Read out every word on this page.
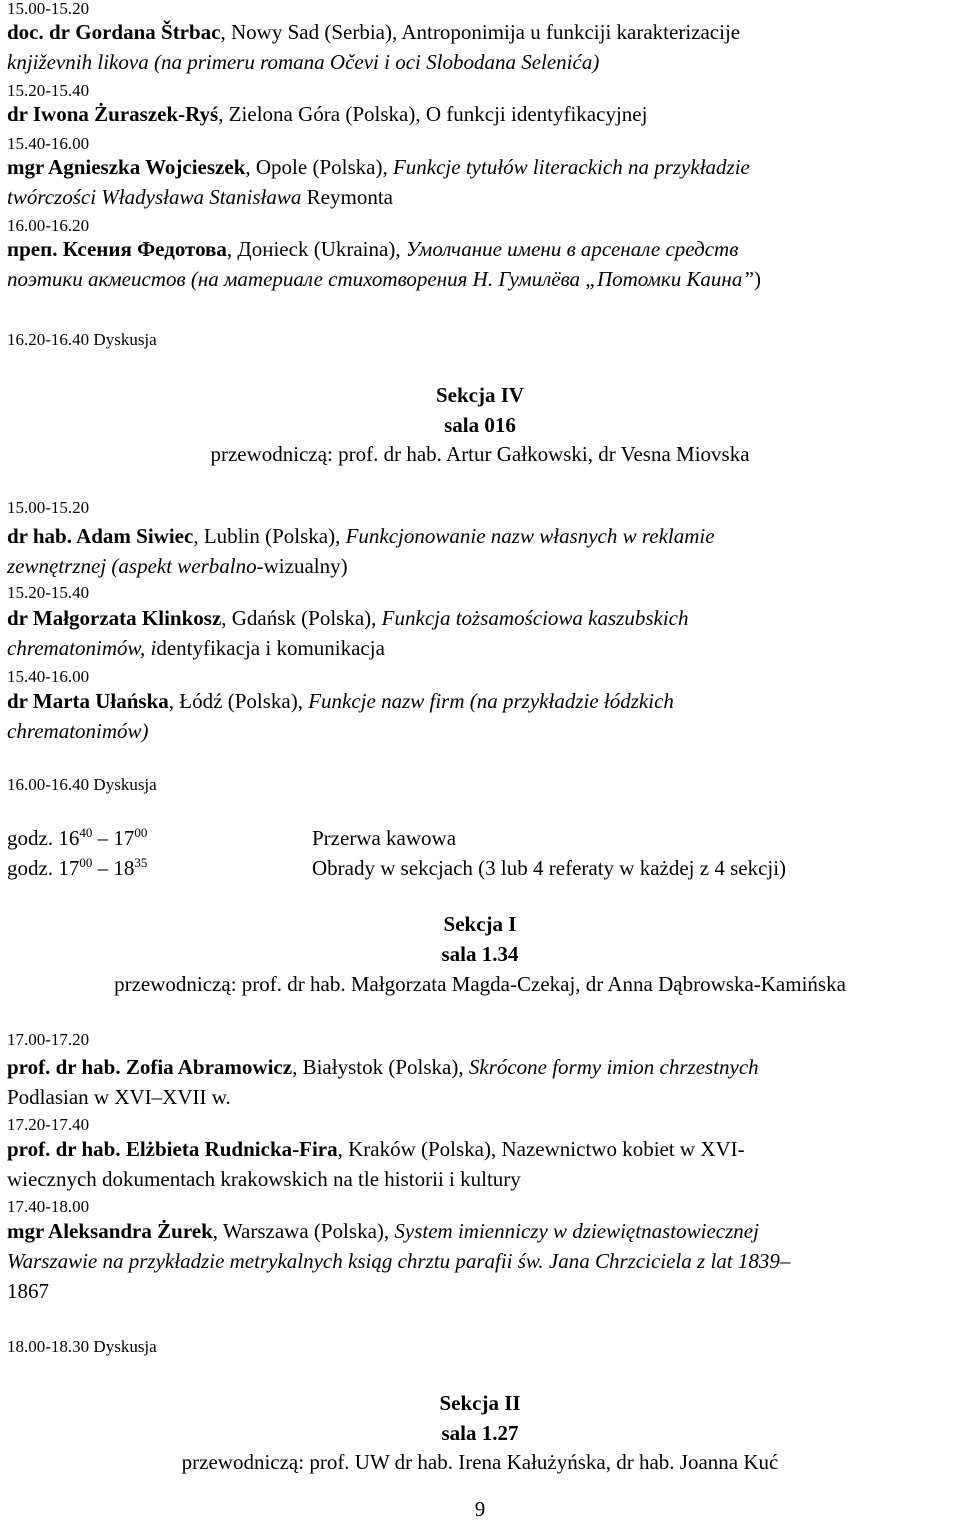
15.00-15.20
doc. dr Gordana Štrbac, Nowy Sad (Serbia), Antroponimija u funkciji karakterizacije
književnih likova (na primeru romana Očevi i oci Slobodana Selenića)
15.20-15.40
dr Iwona Żuraszek-Ryś, Zielona Góra (Polska), O funkcji identyfikacyjnej
15.40-16.00
mgr Agnieszka Wojcieszek, Opole (Polska), Funkcje tytułów literackich na przykładzie
twórczości Władysława Stanisława Reymonta
16.00-16.20
преп. Ксения Федотова, Донieck (Ukraina), Умолчание имени в арсенале средств
поэтики акмеистов (на материале стихотворения Н. Гумилёва „Потомки Каина”)
16.20-16.40 Dyskusja
Sekcja IV
sala 016
przewodniczą: prof. dr hab. Artur Gałkowski, dr Vesna Miovska
15.00-15.20
dr hab. Adam Siwiec, Lublin (Polska), Funkcjonowanie nazw własnych w reklamie
zewnętrznej (aspekt werbalno-wizualny)
15.20-15.40
dr Małgorzata Klinkosz, Gdańsk (Polska), Funkcja tożsamościowa kaszubskich
chrematonimów, identyfikacja i komunikacja
15.40-16.00
dr Marta Ułańska, Łódź (Polska), Funkcje nazw firm (na przykładzie łódzkich
chrematonimów)
16.00-16.40 Dyskusja
godz. $16^{40} - 17^{00}$	Przerwa kawowa
godz. $17^{00} - 18^{35}$	Obrady w sekcjach (3 lub 4 referaty w każdej z 4 sekcji)
Sekcja I
sala 1.34
przewodniczą: prof. dr hab. Małgorzata Magda-Czekaj, dr Anna Dąbrowska-Kamińska
17.00-17.20
prof. dr hab. Zofia Abramowicz, Białystok (Polska), Skrócone formy imion chrzestnych
Podlasian w XVI–XVII w.
17.20-17.40
prof. dr hab. Elżbieta Rudnicka-Fira, Kraków (Polska), Nazewnictwo kobiet w XVI-
wiecznych dokumentach krakowskich na tle historii i kultury
17.40-18.00
mgr Aleksandra Żurek, Warszawa (Polska), System imienniczy w dziewiętnastowiecznej
Warszawie na przykładzie metrykalnych ksiąg chrztu parafii św. Jana Chrzciciela z lat 1839–
1867
18.00-18.30 Dyskusja
Sekcja II
sala 1.27
przewodniczą: prof. UW dr hab. Irena Kałużyńska, dr hab. Joanna Kuć
9
